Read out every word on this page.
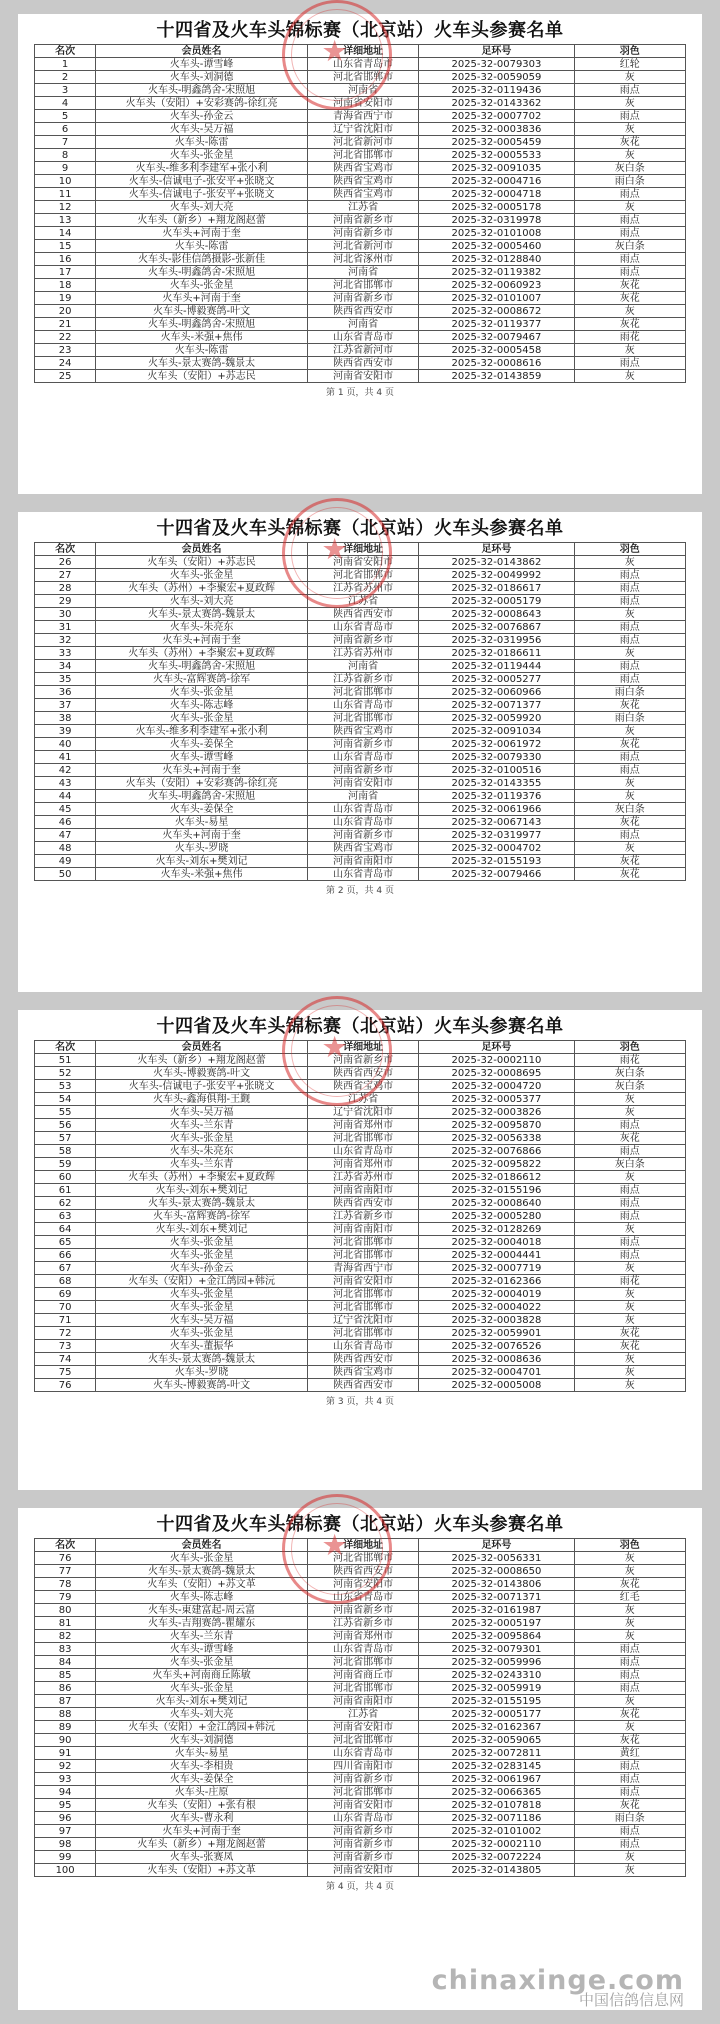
★
十四省及火车头锦标赛（北京站）火车头参赛名单
名次	会员姓名	详细地址	足环号	羽色
1	火车头-谭雪峰	山东省青岛市	2025-32-0079303	红轮
2	火车头-刘洞德	河北省邯郸市	2025-32-0059059	灰
3	火车头-明鑫鸽舍-宋照旭	河南省	2025-32-0119436	雨点
4	火车头（安阳）+安彩赛鸽-徐红亮	河南省安阳市	2025-32-0143362	灰
5	火车头-孙金云	青海省西宁市	2025-32-0007702	雨点
6	火车头-吴万福	辽宁省沈阳市	2025-32-0003836	灰
7	火车头-陈雷	河北省新河市	2025-32-0005459	灰花
8	火车头-张金星	河北省邯郸市	2025-32-0005533	灰
9	火车头-维多利李建军+张小利	陕西省宝鸡市	2025-32-0091035	灰白条
10	火车头-信诚电子-张安平+张晓文	陕西省宝鸡市	2025-32-0004716	雨白条
11	火车头-信诚电子-张安平+张晓文	陕西省宝鸡市	2025-32-0004718	雨点
12	火车头-刘大亮	江苏省	2025-32-0005178	灰
13	火车头（新乡）+翔龙阁赵蕾	河南省新乡市	2025-32-0319978	雨点
14	火车头+河南于奎	河南省新乡市	2025-32-0101008	雨点
15	火车头-陈雷	河北省新河市	2025-32-0005460	灰白条
16	火车头-影佳信鸽摄影-张新佳	河北省涿州市	2025-32-0128840	雨点
17	火车头-明鑫鸽舍-宋照旭	河南省	2025-32-0119382	雨点
18	火车头-张金星	河北省邯郸市	2025-32-0060923	灰花
19	火车头+河南于奎	河南省新乡市	2025-32-0101007	灰花
20	火车头-博毅赛鸽-叶文	陕西省西安市	2025-32-0008672	灰
21	火车头-明鑫鸽舍-宋照旭	河南省	2025-32-0119377	灰花
22	火车头-米强+焦伟	山东省青岛市	2025-32-0079467	雨花
23	火车头-陈雷	江苏省新河市	2025-32-0005458	灰
24	火车头-景太赛鸽-魏景太	陕西省西安市	2025-32-0008616	雨点
25	火车头（安阳）+苏志民	河南省安阳市	2025-32-0143859	灰
第 1 页，共 4 页
★
十四省及火车头锦标赛（北京站）火车头参赛名单
名次	会员姓名	详细地址	足环号	羽色
26	火车头（安阳）+苏志民	河南省安阳市	2025-32-0143862	灰
27	火车头-张金星	河北省邯郸市	2025-32-0049992	雨点
28	火车头（苏州）+李聚宏+夏政辉	江苏省苏州市	2025-32-0186617	雨点
29	火车头-刘大亮	江苏省	2025-32-0005179	雨点
30	火车头-景太赛鸽-魏景太	陕西省西安市	2025-32-0008643	灰
31	火车头-朱亮东	山东省青岛市	2025-32-0076867	雨点
32	火车头+河南于奎	河南省新乡市	2025-32-0319956	雨点
33	火车头（苏州）+李聚宏+夏政辉	江苏省苏州市	2025-32-0186611	灰
34	火车头-明鑫鸽舍-宋照旭	河南省	2025-32-0119444	雨点
35	火车头-富辉赛鸽-徐军	江苏省新乡市	2025-32-0005277	雨点
36	火车头-张金星	河北省邯郸市	2025-32-0060966	雨白条
37	火车头-陈志峰	山东省青岛市	2025-32-0071377	灰花
38	火车头-张金星	河北省邯郸市	2025-32-0059920	雨白条
39	火车头-维多利李建军+张小利	陕西省宝鸡市	2025-32-0091034	灰
40	火车头-姜保全	河南省新乡市	2025-32-0061972	灰花
41	火车头-谭雪峰	山东省青岛市	2025-32-0079330	雨点
42	火车头+河南于奎	河南省新乡市	2025-32-0100516	雨点
43	火车头（安阳）+安彩赛鸽-徐红亮	河南省安阳市	2025-32-0143355	灰
44	火车头-明鑫鸽舍-宋照旭	河南省	2025-32-0119376	灰
45	火车头-姜保全	山东省青岛市	2025-32-0061966	灰白条
46	火车头-易星	山东省青岛市	2025-32-0067143	灰花
47	火车头+河南于奎	河南省新乡市	2025-32-0319977	雨点
48	火车头-罗晓	陕西省宝鸡市	2025-32-0004702	灰
49	火车头-刘东+樊刘记	河南省南阳市	2025-32-0155193	灰花
50	火车头-米强+焦伟	山东省青岛市	2025-32-0079466	灰花
第 2 页，共 4 页
★
十四省及火车头锦标赛（北京站）火车头参赛名单
名次	会员姓名	详细地址	足环号	羽色
51	火车头（新乡）+翔龙阁赵蕾	河南省新乡市	2025-32-0002110	雨花
52	火车头-博毅赛鸽-叶文	陕西省西安市	2025-32-0008695	灰白条
53	火车头-信诚电子-张安平+张晓文	陕西省宝鸡市	2025-32-0004720	灰白条
54	火车头-鑫海俱翔-王觐	江苏省	2025-32-0005377	灰
55	火车头-吴万福	辽宁省沈阳市	2025-32-0003826	灰
56	火车头-兰东青	河南省郑州市	2025-32-0095870	雨点
57	火车头-张金星	河北省邯郸市	2025-32-0056338	灰花
58	火车头-朱亮东	山东省青岛市	2025-32-0076866	雨点
59	火车头-兰东青	河南省郑州市	2025-32-0095822	灰白条
60	火车头（苏州）+李聚宏+夏政辉	江苏省苏州市	2025-32-0186612	灰
61	火车头-刘东+樊刘记	河南省南阳市	2025-32-0155196	雨点
62	火车头-景太赛鸽-魏景太	陕西省西安市	2025-32-0008640	雨点
63	火车头-富辉赛鸽-徐军	江苏省新乡市	2025-32-0005280	雨点
64	火车头-刘东+樊刘记	河南省南阳市	2025-32-0128269	灰
65	火车头-张金星	河北省邯郸市	2025-32-0004018	雨点
66	火车头-张金星	河北省邯郸市	2025-32-0004441	雨点
67	火车头-孙金云	青海省西宁市	2025-32-0007719	灰
68	火车头（安阳）+金江鸽园+韩沅	河南省安阳市	2025-32-0162366	雨花
69	火车头-张金星	河北省邯郸市	2025-32-0004019	灰
70	火车头-张金星	河北省邯郸市	2025-32-0004022	灰
71	火车头-吴万福	辽宁省沈阳市	2025-32-0003828	灰
72	火车头-张金星	河北省邯郸市	2025-32-0059901	灰花
73	火车头-董振华	山东省青岛市	2025-32-0076526	灰花
74	火车头-景太赛鸽-魏景太	陕西省西安市	2025-32-0008636	灰
75	火车头-罗晓	陕西省宝鸡市	2025-32-0004701	灰
76	火车头-博毅赛鸽-叶文	陕西省西安市	2025-32-0005008	灰
第 3 页，共 4 页
★
十四省及火车头锦标赛（北京站）火车头参赛名单
名次	会员姓名	详细地址	足环号	羽色
76	火车头-张金星	河北省邯郸市	2025-32-0056331	灰
77	火车头-景太赛鸽-魏景太	陕西省西安市	2025-32-0008650	灰
78	火车头（安阳）+苏文革	河南省安阳市	2025-32-0143806	灰花
79	火车头-陈志峰	山东省青岛市	2025-32-0071371	红毛
80	火车头-東建富起-周云富	河南省新乡市	2025-32-0161987	灰
81	火车头-吉翔赛鸽-瞿耀东	江苏省新乡市	2025-32-0005197	灰
82	火车头-兰东青	河南省郑州市	2025-32-0095864	灰
83	火车头-谭雪峰	山东省青岛市	2025-32-0079301	雨点
84	火车头-张金星	河北省邯郸市	2025-32-0059996	雨点
85	火车头+河南商丘陈敏	河南省商丘市	2025-32-0243310	雨点
86	火车头-张金星	河北省邯郸市	2025-32-0059919	雨点
87	火车头-刘东+樊刘记	河南省南阳市	2025-32-0155195	灰
88	火车头-刘大亮	江苏省	2025-32-0005177	灰花
89	火车头（安阳）+金江鸽园+韩沅	河南省安阳市	2025-32-0162367	灰
90	火车头-刘洞德	河北省邯郸市	2025-32-0059065	灰花
91	火车头-易星	山东省青岛市	2025-32-0072811	黄红
92	火车头-李相贵	四川省南阳市	2025-32-0283145	雨点
93	火车头-姜保全	河南省新乡市	2025-32-0061967	雨点
94	火车头-庄原	河北省邯郸市	2025-32-0066365	雨点
95	火车头（安阳）+张有根	河南省安阳市	2025-32-0107818	灰花
96	火车头-曹永利	山东省青岛市	2025-32-0071186	雨白条
97	火车头+河南于奎	河南省新乡市	2025-32-0101002	雨点
98	火车头（新乡）+翔龙阁赵蕾	河南省新乡市	2025-32-0002110	雨点
99	火车头-张赛凤	河南省新乡市	2025-32-0072224	灰
100	火车头（安阳）+苏文革	河南省安阳市	2025-32-0143805	灰
第 4 页，共 4 页
chinaxinge.com
中国信鸽信息网
